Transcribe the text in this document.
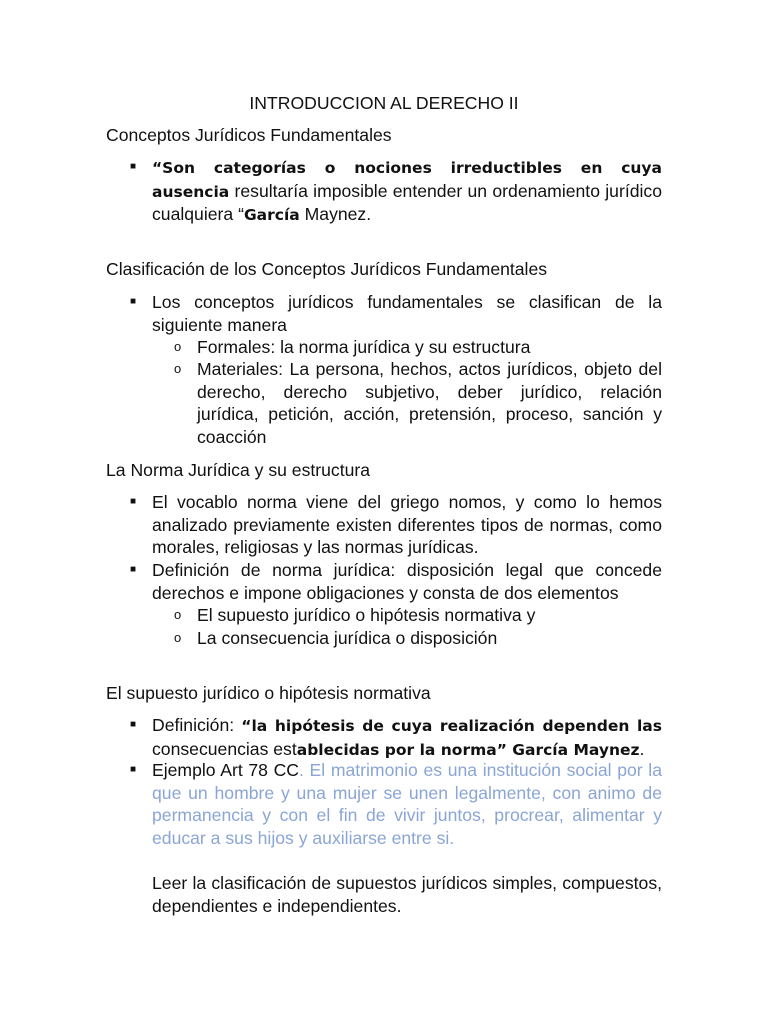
INTRODUCCION AL DERECHO II
Conceptos Jurídicos Fundamentales
■	“Son categorías o nociones irreductibles en cuya ausencia resultaría imposible entender un ordenamiento jurídico cualquiera “García Maynez.
Clasificación de los Conceptos Jurídicos Fundamentales
■ Los conceptos jurídicos fundamentales se clasifican de la siguiente manera
o Formales: la norma jurídica y su estructura
o Materiales: La persona, hechos, actos jurídicos, objeto del derecho, derecho subjetivo, deber jurídico, relación jurídica, petición, acción, pretensión, proceso, sanción y coacción
La Norma Jurídica y su estructura
■ El vocablo norma viene del griego nomos, y como lo hemos analizado previamente existen diferentes tipos de normas, como morales, religiosas y las normas jurídicas.
■ Definición de norma jurídica: disposición legal que concede derechos e impone obligaciones y consta de dos elementos
o El supuesto jurídico o hipótesis normativa y
o La consecuencia jurídica o disposición
El supuesto jurídico o hipótesis normativa
■ Definición: “la hipótesis de cuya realización dependen las consecuencias establecidas por la norma” García Maynez.
■ Ejemplo Art 78 CC. El matrimonio es una institución social por la que un hombre y una mujer se unen legalmente, con animo de permanencia y con el fin de vivir juntos, procrear, alimentar y educar a sus hijos y auxiliarse entre si.
Leer la clasificación de supuestos jurídicos simples, compuestos, dependientes e independientes.
